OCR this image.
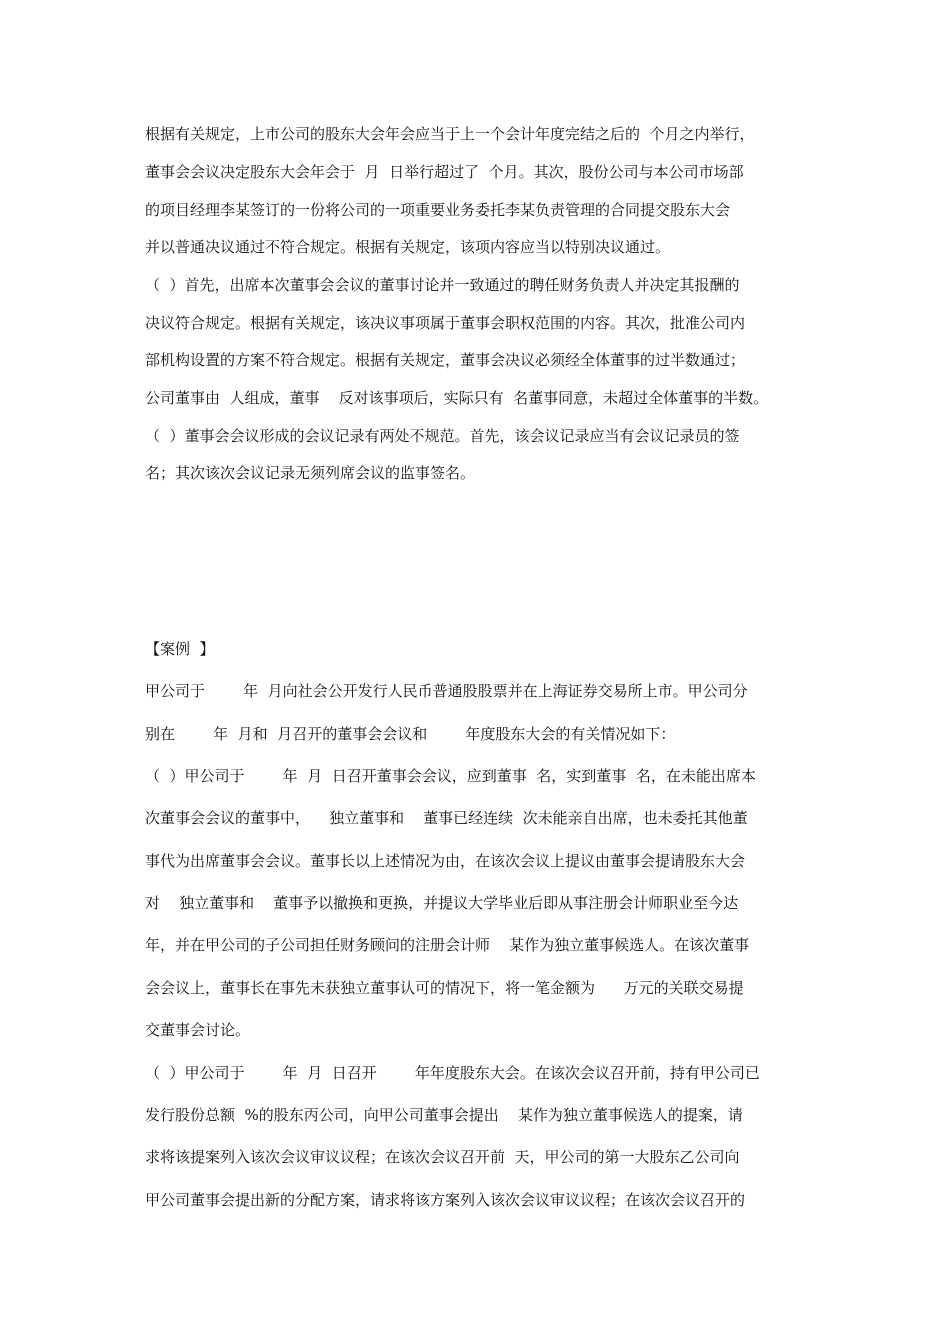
根据有关规定，上市公司的股东大会年会应当于上一个会计年度完结之后的  个月之内举行，
董事会会议决定股东大会年会于  月  日举行超过了  个月。其次，股份公司与本公司市场部
的项目经理李某签订的一份将公司的一项重要业务委托李某负责管理的合同提交股东大会
并以普通决议通过不符合规定。根据有关规定，该项内容应当以特别决议通过。
（  ）首先，出席本次董事会会议的董事讨论并一致通过的聘任财务负责人并决定其报酬的
决议符合规定。根据有关规定，该决议事项属于董事会职权范围的内容。其次，批准公司内
部机构设置的方案不符合规定。根据有关规定，董事会决议必须经全体董事的过半数通过；
公司董事由  人组成，董事    反对该事项后，实际只有  名董事同意，未超过全体董事的半数。
（  ）董事会会议形成的会议记录有两处不规范。首先，该会议记录应当有会议记录员的签
名；其次该次会议记录无须列席会议的监事签名。
【案例  】
甲公司于        年  月向社会公开发行人民币普通股股票并在上海证券交易所上市。甲公司分
别在        年  月和  月召开的董事会会议和        年度股东大会的有关情况如下：
（  ）甲公司于        年  月  日召开董事会会议，应到董事  名，实到董事  名，在未能出席本
次董事会会议的董事中，    独立董事和    董事已经连续  次未能亲自出席，也未委托其他董
事代为出席董事会会议。董事长以上述情况为由，在该次会议上提议由董事会提请股东大会
对    独立董事和    董事予以撤换和更换，并提议大学毕业后即从事注册会计师职业至今达
年，并在甲公司的子公司担任财务顾问的注册会计师    某作为独立董事候选人。在该次董事
会会议上，董事长在事先未获独立董事认可的情况下，将一笔金额为      万元的关联交易提
交董事会讨论。
（  ）甲公司于        年  月  日召开        年年度股东大会。在该次会议召开前，持有甲公司已
发行股份总额  %的股东丙公司，向甲公司董事会提出    某作为独立董事候选人的提案，请
求将该提案列入该次会议审议议程；在该次会议召开前  天，甲公司的第一大股东乙公司向
甲公司董事会提出新的分配方案，请求将该方案列入该次会议审议议程；在该次会议召开的
